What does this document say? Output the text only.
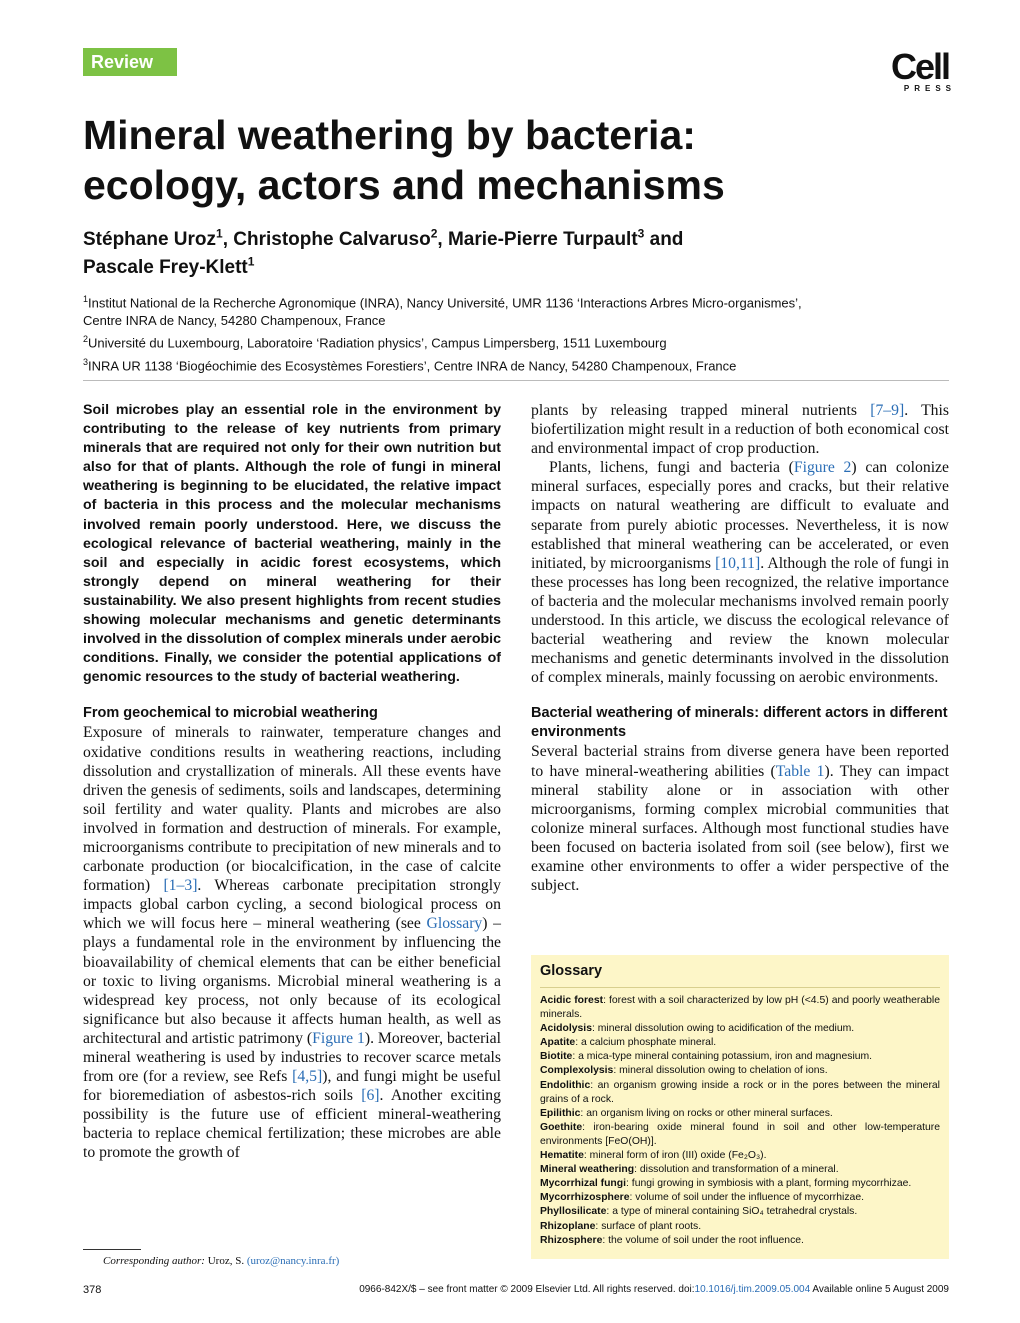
Review	Cell
PRESS
Mineral weathering by bacteria:
ecology, actors and mechanisms
Stéphane Uroz$^1$, Christophe Calvaruso$^2$, Marie-Pierre Turpault$^3$ and
Pascale Frey-Klett$^1$
$^1$Institut National de la Recherche Agronomique (INRA), Nancy Université, UMR 1136 ‘Interactions Arbres Micro-organismes’,
Centre INRA de Nancy, 54280 Champenoux, France
$^2$Université du Luxembourg, Laboratoire ‘Radiation physics’, Campus Limpersberg, 1511 Luxembourg
$^3$INRA UR 1138 ‘Biogéochimie des Ecosystèmes Forestiers’, Centre INRA de Nancy, 54280 Champenoux, France
Soil microbes play an essential role in the environment by contributing to the release of key nutrients from primary minerals that are required not only for their own nutrition but also for that of plants. Although the role of fungi in mineral weathering is beginning to be elucidated, the relative impact of bacteria in this process and the molecular mechanisms involved remain poorly understood. Here, we discuss the ecological relevance of bacterial weathering, mainly in the soil and especially in acidic forest ecosystems, which strongly depend on mineral weathering for their sustainability. We also present highlights from recent studies showing molecular mechanisms and genetic determinants involved in the dissolution of complex minerals under aerobic conditions. Finally, we consider the potential applications of genomic resources to the study of bacterial weathering.
From geochemical to microbial weathering

Exposure of minerals to rainwater, temperature changes and oxidative conditions results in weathering reactions, including dissolution and crystallization of minerals. All these events have driven the genesis of sediments, soils and landscapes, determining soil fertility and water quality. Plants and microbes are also involved in formation and destruction of minerals. For example, microorganisms contribute to precipitation of new minerals and to carbonate production (or biocalcification, in the case of calcite formation) [1–3]. Whereas carbonate precipitation strongly impacts global carbon cycling, a second biological process on which we will focus here – mineral weathering (see Glossary) – plays a fundamental role in the environment by influencing the bioavailability of chemical elements that can be either beneficial or toxic to living organisms. Microbial mineral weathering is a widespread key process, not only because of its ecological significance but also because it affects human health, as well as architectural and artistic patrimony (Figure 1). Moreover, bacterial mineral weathering is used by industries to recover scarce metals from ore (for a review, see Refs [4,5]), and fungi might be useful for bioremediation of asbestos-rich soils [6]. Another exciting possibility is the future use of efficient mineral-weathering bacteria to replace chemical fertilization; these microbes are able to promote the growth of

plants by releasing trapped mineral nutrients [7–9]. This biofertilization might result in a reduction of both economical cost and environmental impact of crop production.

Plants, lichens, fungi and bacteria (Figure 2) can colonize mineral surfaces, especially pores and cracks, but their relative impacts on natural weathering are difficult to evaluate and separate from purely abiotic processes. Nevertheless, it is now established that mineral weathering can be accelerated, or even initiated, by microorganisms [10,11]. Although the role of fungi in these processes has long been recognized, the relative importance of bacteria and the molecular mechanisms involved remain poorly understood. In this article, we discuss the ecological relevance of bacterial weathering and review the known molecular mechanisms and genetic determinants involved in the dissolution of complex minerals, mainly focussing on aerobic environments.

Bacterial weathering of minerals: different actors in different environments

Several bacterial strains from diverse genera have been reported to have mineral-weathering abilities (Table 1). They can impact mineral stability alone or in association with other microorganisms, forming complex microbial communities that colonize mineral surfaces. Although most functional studies have been focused on bacteria isolated from soil (see below), first we examine other environments to offer a wider perspective of the subject.

Glossary
Acidic forest: forest with a soil characterized by low pH (<4.5) and poorly weatherable minerals.
Acidolysis: mineral dissolution owing to acidification of the medium.
Apatite: a calcium phosphate mineral.
Biotite: a mica-type mineral containing potassium, iron and magnesium.
Complexolysis: mineral dissolution owing to chelation of ions.
Endolithic: an organism growing inside a rock or in the pores between the mineral grains of a rock.
Epilithic: an organism living on rocks or other mineral surfaces.
Goethite: iron-bearing oxide mineral found in soil and other low-temperature environments [FeO(OH)].
Hematite: mineral form of iron (III) oxide (Fe₂O₃).
Mineral weathering: dissolution and transformation of a mineral.
Mycorrhizal fungi: fungi growing in symbiosis with a plant, forming mycorrhizae.
Mycorrhizosphere: volume of soil under the influence of mycorrhizae.
Phyllosilicate: a type of mineral containing SiO₄ tetrahedral crystals.
Rhizoplane: surface of plant roots.
Rhizosphere: the volume of soil under the root influence.
Corresponding author: Uroz, S. (uroz@nancy.inra.fr)
378	0966-842X/$ – see front matter © 2009 Elsevier Ltd. All rights reserved. doi:10.1016/j.tim.2009.05.004 Available online 5 August 2009
